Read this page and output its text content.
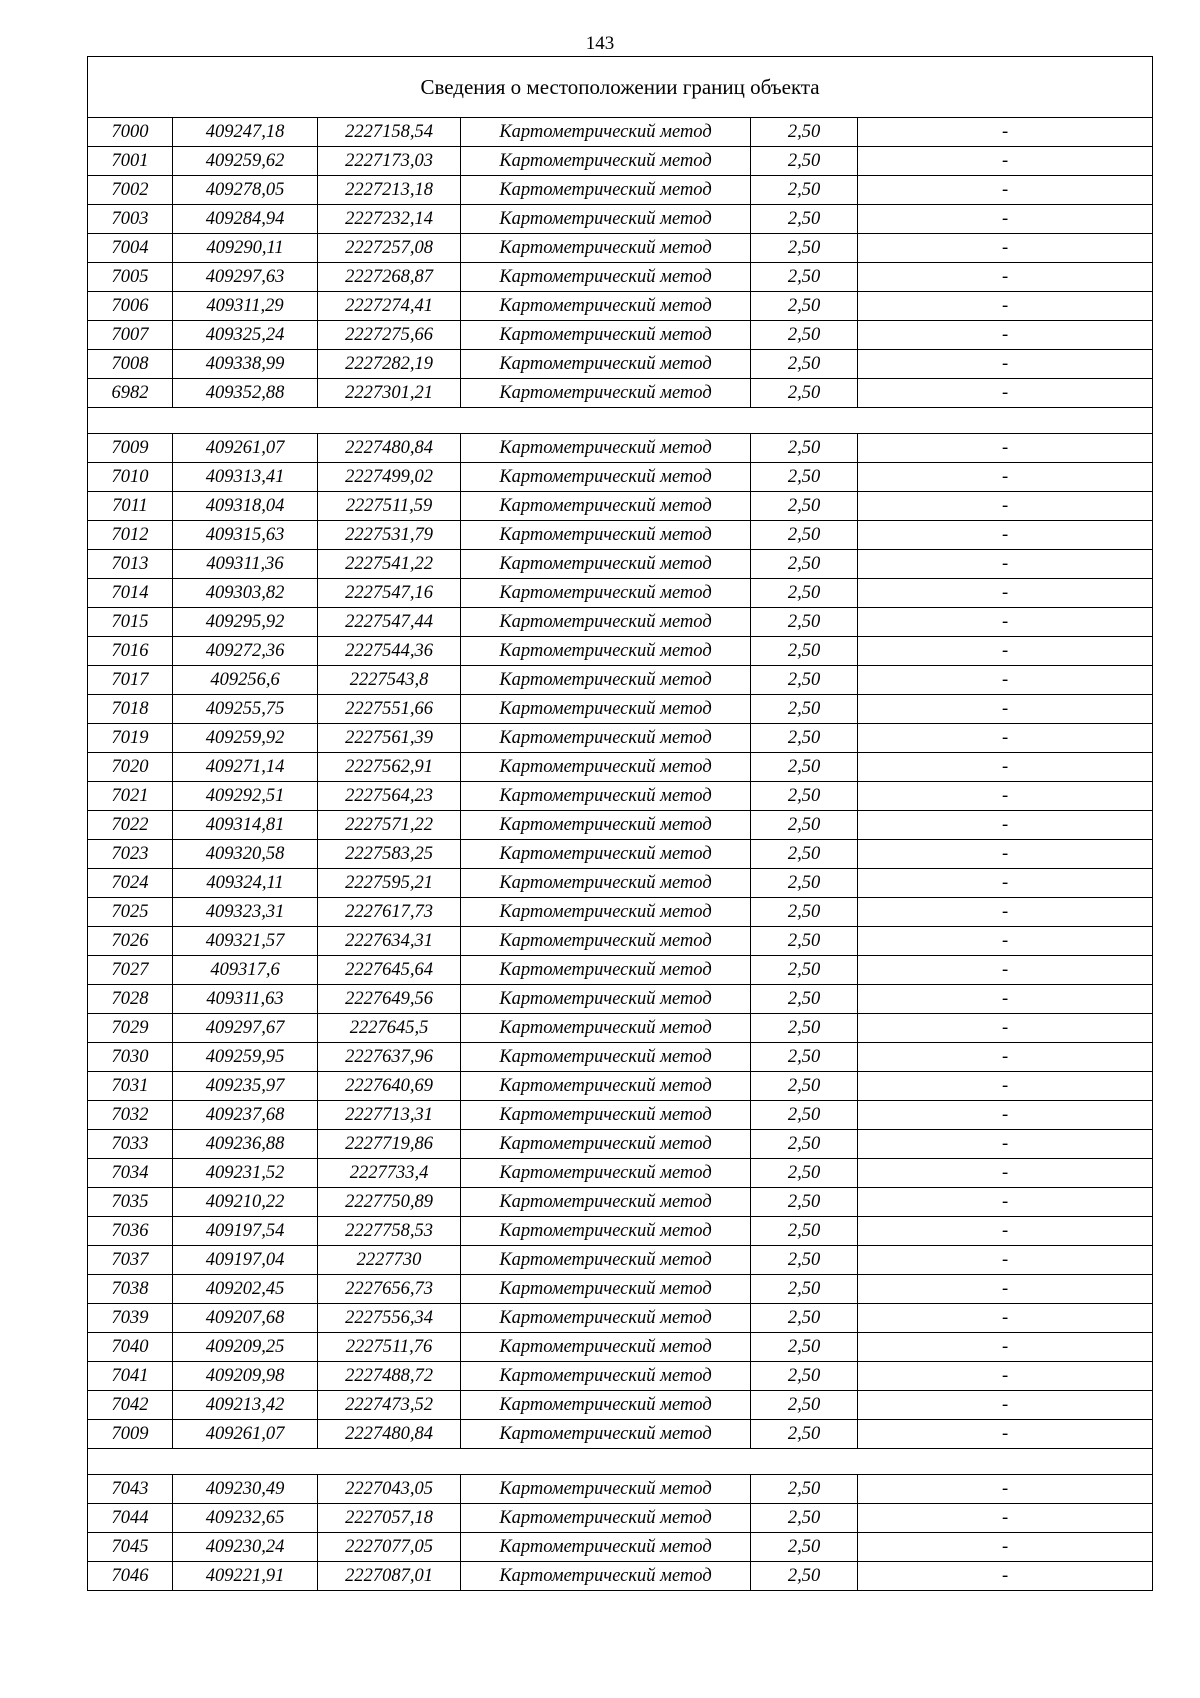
143
Сведения о местоположении границ объекта					
7000	409247,18	2227158,54	Картометрический метод	2,50	-
7001	409259,62	2227173,03	Картометрический метод	2,50	-
7002	409278,05	2227213,18	Картометрический метод	2,50	-
7003	409284,94	2227232,14	Картометрический метод	2,50	-
7004	409290,11	2227257,08	Картометрический метод	2,50	-
7005	409297,63	2227268,87	Картометрический метод	2,50	-
7006	409311,29	2227274,41	Картометрический метод	2,50	-
7007	409325,24	2227275,66	Картометрический метод	2,50	-
7008	409338,99	2227282,19	Картометрический метод	2,50	-
6982	409352,88	2227301,21	Картометрический метод	2,50	-

7009	409261,07	2227480,84	Картометрический метод	2,50	-
7010	409313,41	2227499,02	Картометрический метод	2,50	-
7011	409318,04	2227511,59	Картометрический метод	2,50	-
7012	409315,63	2227531,79	Картометрический метод	2,50	-
7013	409311,36	2227541,22	Картометрический метод	2,50	-
7014	409303,82	2227547,16	Картометрический метод	2,50	-
7015	409295,92	2227547,44	Картометрический метод	2,50	-
7016	409272,36	2227544,36	Картометрический метод	2,50	-
7017	409256,6	2227543,8	Картометрический метод	2,50	-
7018	409255,75	2227551,66	Картометрический метод	2,50	-
7019	409259,92	2227561,39	Картометрический метод	2,50	-
7020	409271,14	2227562,91	Картометрический метод	2,50	-
7021	409292,51	2227564,23	Картометрический метод	2,50	-
7022	409314,81	2227571,22	Картометрический метод	2,50	-
7023	409320,58	2227583,25	Картометрический метод	2,50	-
7024	409324,11	2227595,21	Картометрический метод	2,50	-
7025	409323,31	2227617,73	Картометрический метод	2,50	-
7026	409321,57	2227634,31	Картометрический метод	2,50	-
7027	409317,6	2227645,64	Картометрический метод	2,50	-
7028	409311,63	2227649,56	Картометрический метод	2,50	-
7029	409297,67	2227645,5	Картометрический метод	2,50	-
7030	409259,95	2227637,96	Картометрический метод	2,50	-
7031	409235,97	2227640,69	Картометрический метод	2,50	-
7032	409237,68	2227713,31	Картометрический метод	2,50	-
7033	409236,88	2227719,86	Картометрический метод	2,50	-
7034	409231,52	2227733,4	Картометрический метод	2,50	-
7035	409210,22	2227750,89	Картометрический метод	2,50	-
7036	409197,54	2227758,53	Картометрический метод	2,50	-
7037	409197,04	2227730	Картометрический метод	2,50	-
7038	409202,45	2227656,73	Картометрический метод	2,50	-
7039	409207,68	2227556,34	Картометрический метод	2,50	-
7040	409209,25	2227511,76	Картометрический метод	2,50	-
7041	409209,98	2227488,72	Картометрический метод	2,50	-
7042	409213,42	2227473,52	Картометрический метод	2,50	-
7009	409261,07	2227480,84	Картометрический метод	2,50	-

7043	409230,49	2227043,05	Картометрический метод	2,50	-
7044	409232,65	2227057,18	Картометрический метод	2,50	-
7045	409230,24	2227077,05	Картометрический метод	2,50	-
7046	409221,91	2227087,01	Картометрический метод	2,50	-
